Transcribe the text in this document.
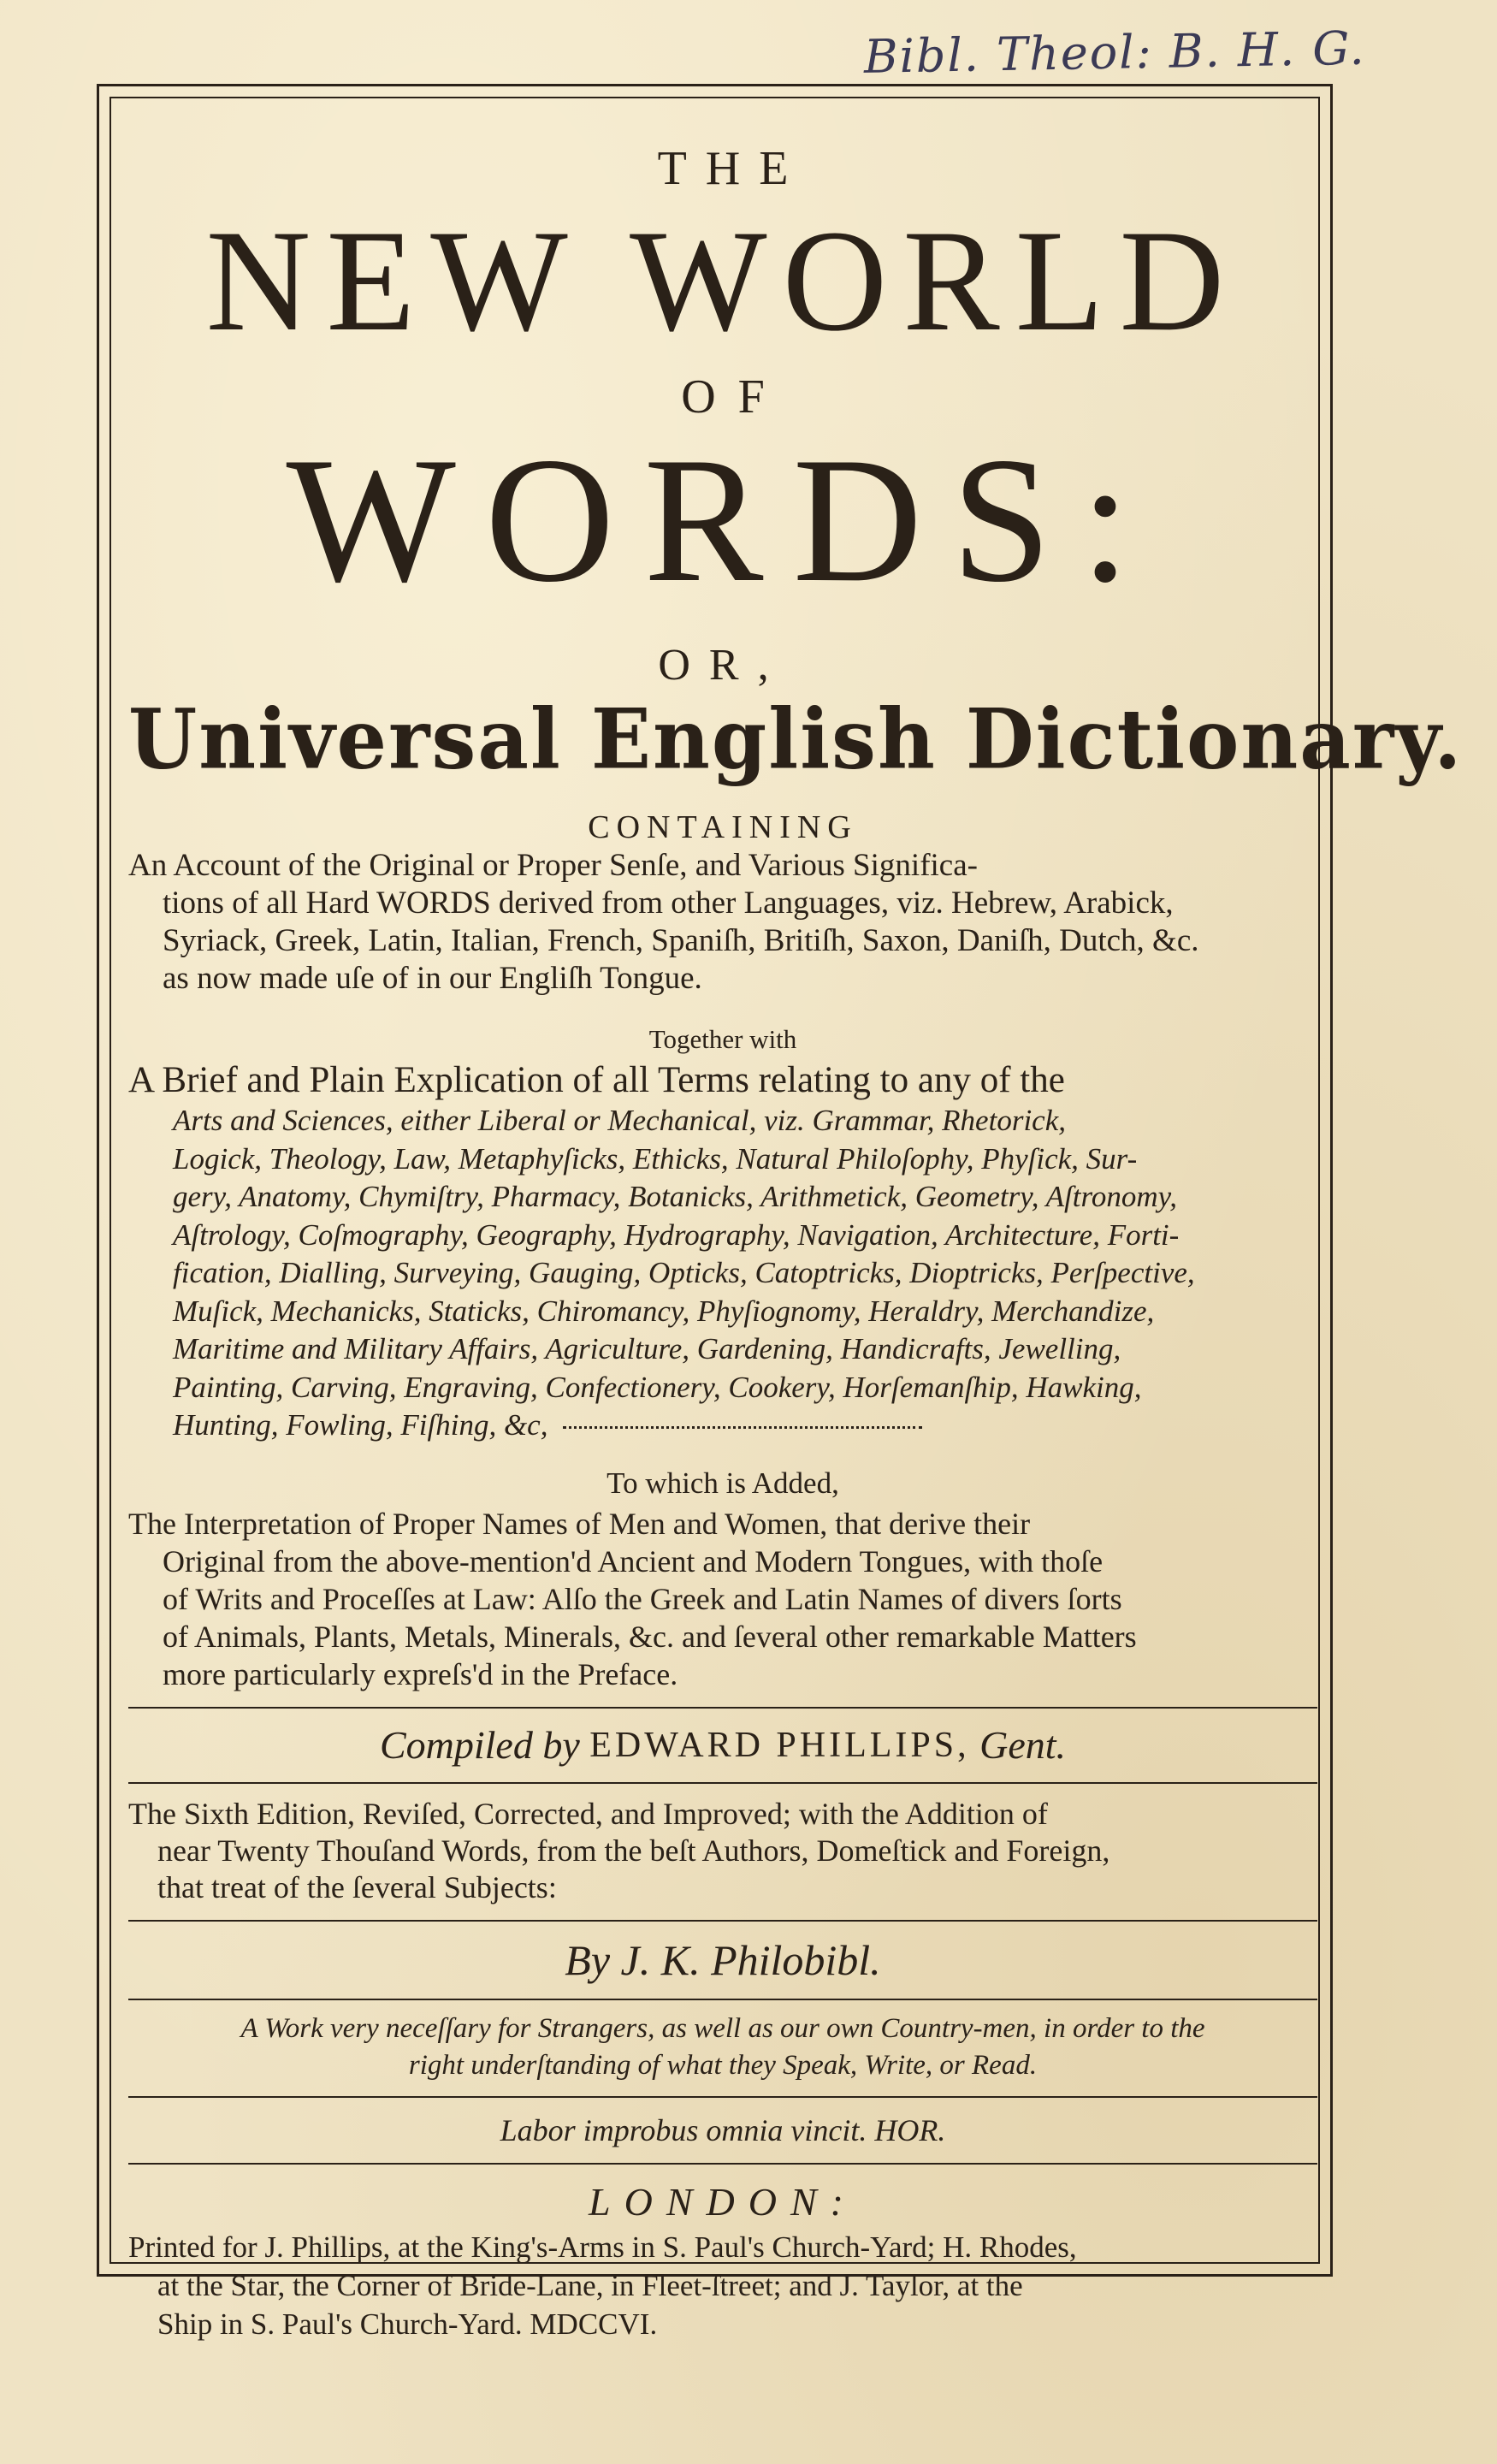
Bibl. Theol: B. H. G.
THE
NEW WORLD
OF
WORDS:
OR,
Universal English Dictionary.
CONTAINING
An Account of the Original or Proper Senſe, and Various Significa-
tions of all Hard WORDS derived from other Languages, viz. Hebrew, Arabick,
Syriack, Greek, Latin, Italian, French, Spaniſh, Britiſh, Saxon, Daniſh, Dutch, &c.
as now made uſe of in our Engliſh Tongue.
Together with
A Brief and Plain Explication of all Terms relating to any of the
Arts and Sciences, either Liberal or Mechanical, viz. Grammar, Rhetorick,
Logick, Theology, Law, Metaphyſicks, Ethicks, Natural Philoſophy, Phyſick, Sur-
gery, Anatomy, Chymiſtry, Pharmacy, Botanicks, Arithmetick, Geometry, Aſtronomy,
Aſtrology, Coſmography, Geography, Hydrography, Navigation, Architecture, Forti-
fication, Dialling, Surveying, Gauging, Opticks, Catoptricks, Dioptricks, Perſpective,
Muſick, Mechanicks, Staticks, Chiromancy, Phyſiognomy, Heraldry, Merchandize,
Maritime and Military Affairs, Agriculture, Gardening, Handicrafts, Jewelling,
Painting, Carving, Engraving, Confectionery, Cookery, Horſemanſhip, Hawking,
Hunting, Fowling, Fiſhing, &c,
To which is Added,
The Interpretation of Proper Names of Men and Women, that derive their
Original from the above-mention'd Ancient and Modern Tongues, with thoſe
of Writs and Proceſſes at Law: Alſo the Greek and Latin Names of divers ſorts
of Animals, Plants, Metals, Minerals, &c. and ſeveral other remarkable Matters
more particularly expreſs'd in the Preface.
Compiled by
EDWARD PHILLIPS,
Gent.
The Sixth Edition, Reviſed, Corrected, and Improved; with the Addition of
near Twenty Thouſand Words, from the beſt Authors, Domeſtick and Foreign,
that treat of the ſeveral Subjects:
By J. K. Philobibl.
A Work very neceſſary for Strangers, as well as our own Country-men, in order to the
right underſtanding of what they Speak, Write, or Read.
Labor improbus omnia vincit. HOR.
LONDON:
Printed for J. Phillips, at the King's-Arms in S. Paul's Church-Yard; H. Rhodes,
at the Star, the Corner of Bride-Lane, in Fleet-ſtreet; and J. Taylor, at the
Ship in S. Paul's Church-Yard. MDCCVI.
